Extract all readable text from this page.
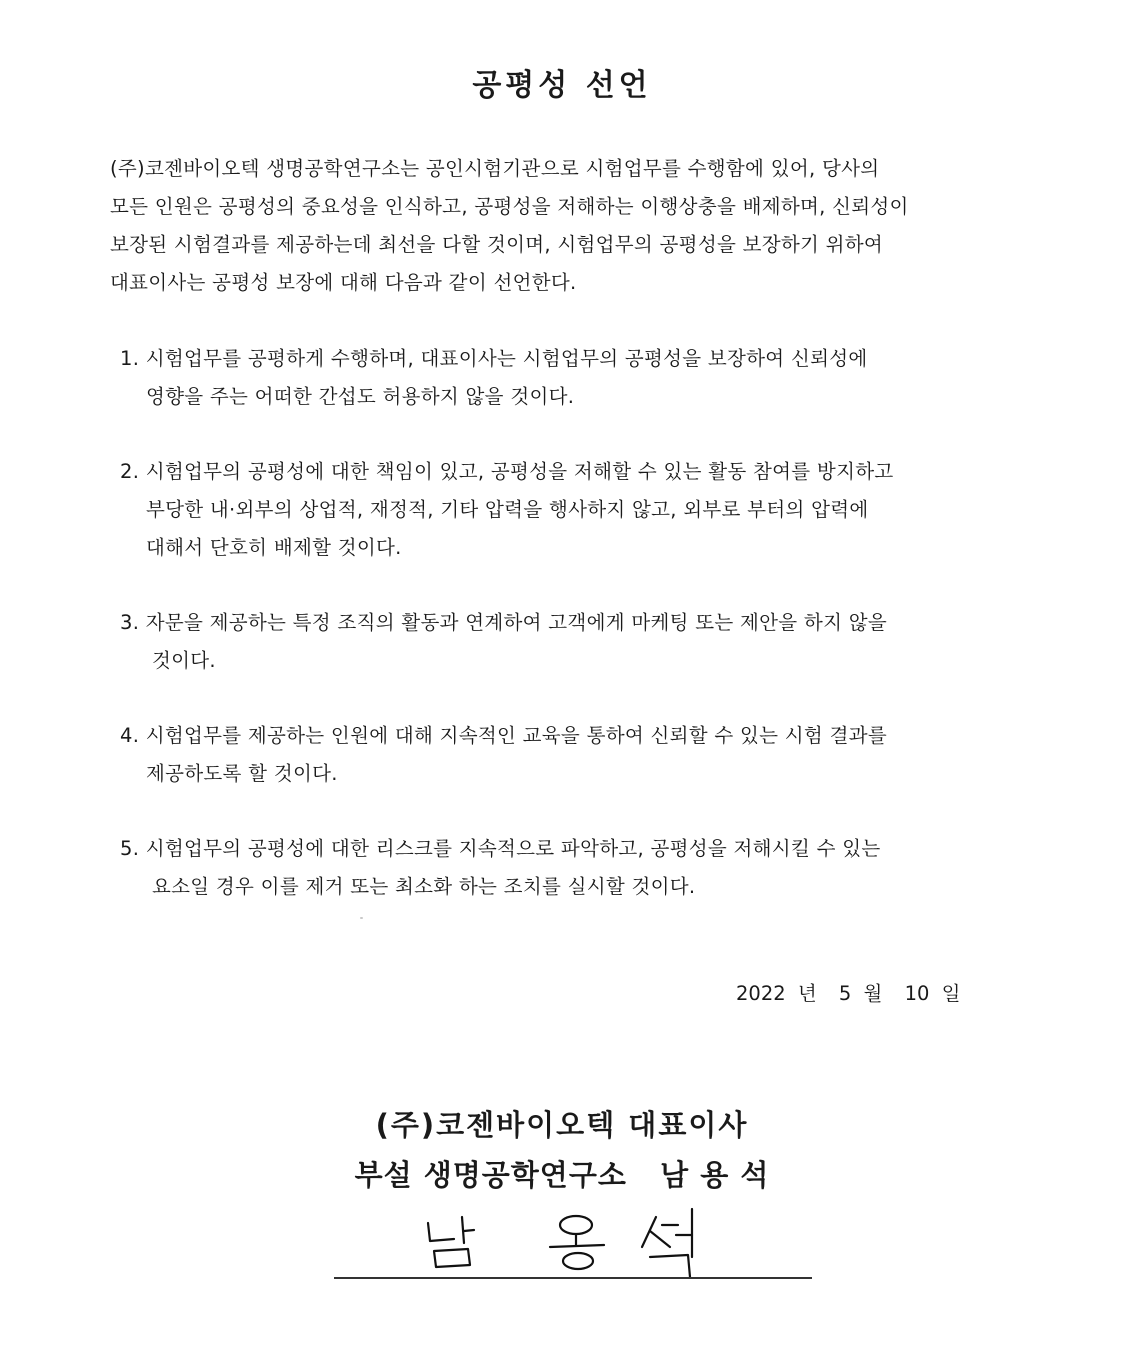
공평성 선언
(주)코젠바이오텍 생명공학연구소는 공인시험기관으로 시험업무를 수행함에 있어, 당사의
모든 인원은 공평성의 중요성을 인식하고, 공평성을 저해하는 이행상충을 배제하며, 신뢰성이
보장된 시험결과를 제공하는데 최선을 다할 것이며, 시험업무의 공평성을 보장하기 위하여
대표이사는 공평성 보장에 대해 다음과 같이 선언한다.
1. 시험업무를 공평하게 수행하며, 대표이사는 시험업무의 공평성을 보장하여 신뢰성에
영향을 주는 어떠한 간섭도 허용하지 않을 것이다.
2. 시험업무의 공평성에 대한 책임이 있고, 공평성을 저해할 수 있는 활동 참여를 방지하고
부당한 내·외부의 상업적, 재정적, 기타 압력을 행사하지 않고, 외부로 부터의 압력에
대해서 단호히 배제할 것이다.
3. 자문을 제공하는 특정 조직의 활동과 연계하여 고객에게 마케팅 또는 제안을 하지 않을
것이다.
4. 시험업무를 제공하는 인원에 대해 지속적인 교육을 통하여 신뢰할 수 있는 시험 결과를
제공하도록 할 것이다.
5. 시험업무의 공평성에 대한 리스크를 지속적으로 파악하고, 공평성을 저해시킬 수 있는
요소일 경우 이를 제거 또는 최소화 하는 조치를 실시할 것이다.
2022 년 5 월 10 일

(주)코젠바이오텍 대표이사

부설 생명공학연구소   남 용 석
